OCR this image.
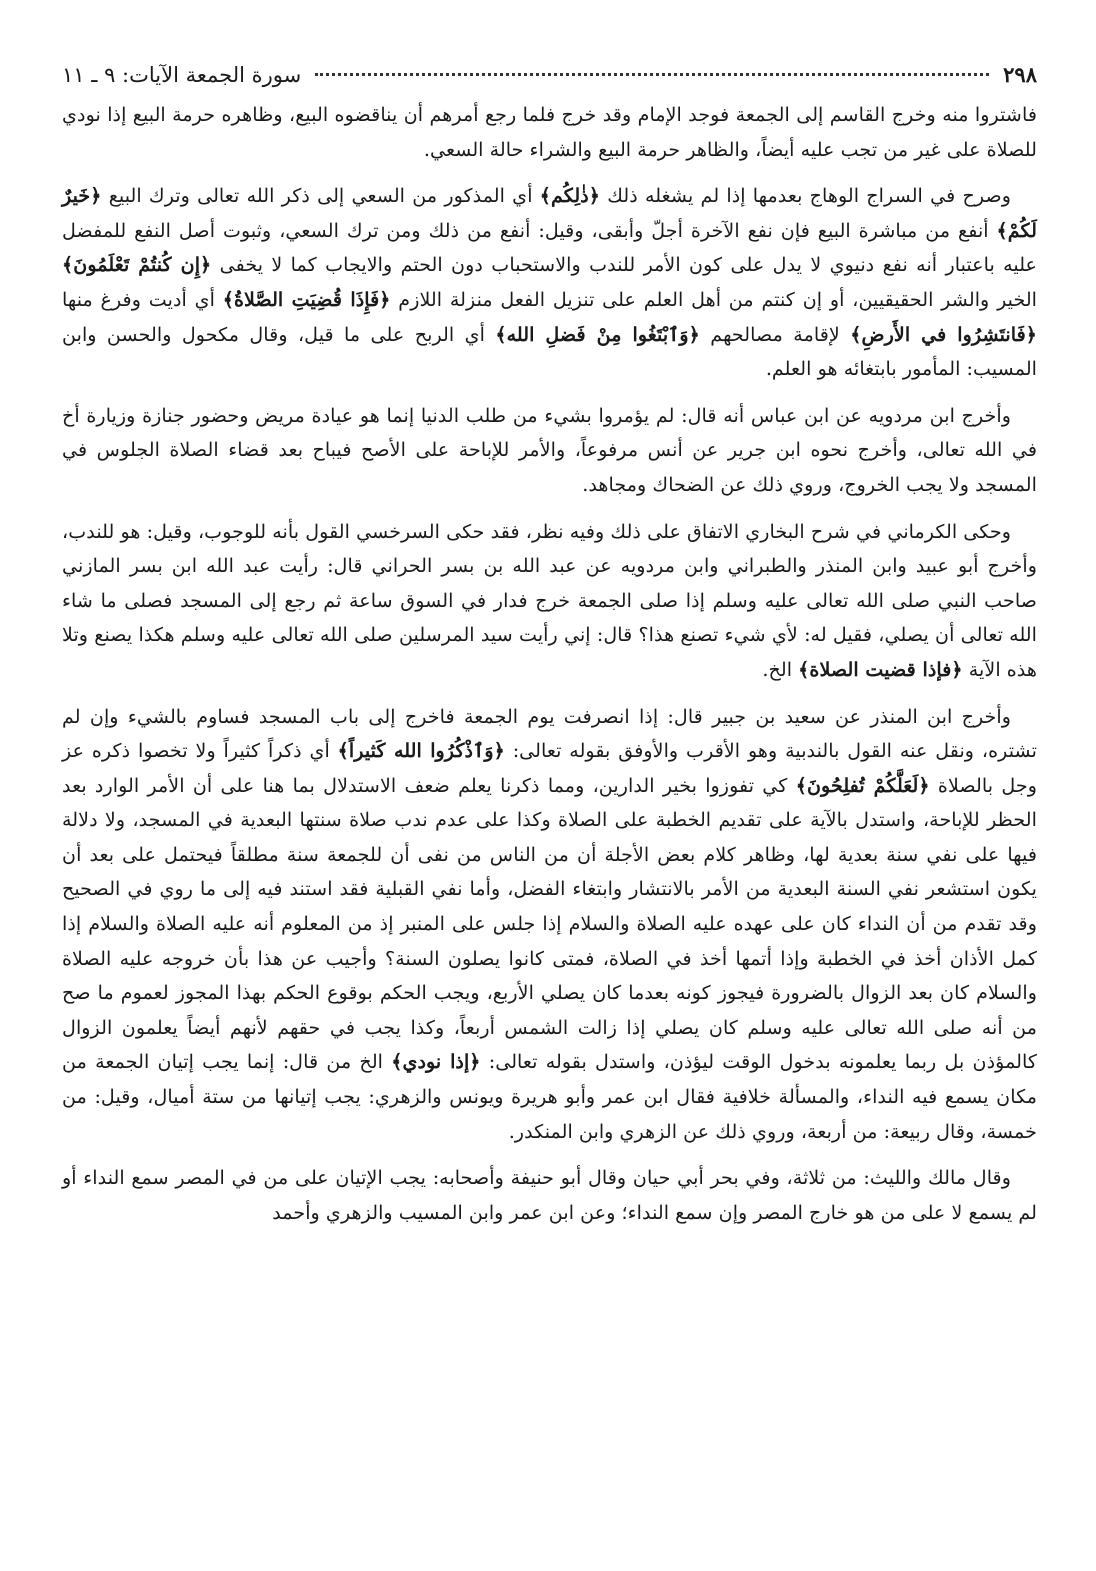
٢٩٨
سورة الجمعة الآيات: ٩ ـ ١١

فاشتروا منه وخرج القاسم إلى الجمعة فوجد الإمام وقد خرج فلما رجع أمرهم أن يناقضوه البيع، وظاهره حرمة البيع إذا نودي للصلاة على غير من تجب عليه أيضاً، والظاهر حرمة البيع والشراء حالة السعي.

وصرح في السراج الوهاج بعدمها إذا لم يشغله ذلك ﴿ذٰلِكُم﴾ أي المذكور من السعي إلى ذكر الله تعالى وترك البيع ﴿خَيرٌ لَكُمْ﴾ أنفع من مباشرة البيع فإن نفع الآخرة أجلّ وأبقى، وقيل: أنفع من ذلك ومن ترك السعي، وثبوت أصل النفع للمفضل عليه باعتبار أنه نفع دنيوي لا يدل على كون الأمر للندب والاستحباب دون الحتم والايجاب كما لا يخفى ﴿إِن كُنتُمْ تَعْلَمُونَ﴾ الخير والشر الحقيقيين، أو إن كنتم من أهل العلم على تنزيل الفعل منزلة اللازم ﴿فَإِذَا قُضِيَتِ الصَّلاةُ﴾ أي أديت وفرغ منها ﴿فَانتَشِرُوا في الأَرضِ﴾ لإقامة مصالحهم ﴿وَٱبْتَغُوا مِنْ فَضلِ الله﴾ أي الربح على ما قيل، وقال مكحول والحسن وابن المسيب: المأمور بابتغائه هو العلم.

وأخرج ابن مردويه عن ابن عباس أنه قال: لم يؤمروا بشيء من طلب الدنيا إنما هو عيادة مريض وحضور جنازة وزيارة أخ في الله تعالى، وأخرج نحوه ابن جرير عن أنس مرفوعاً، والأمر للإباحة على الأصح فيباح بعد قضاء الصلاة الجلوس في المسجد ولا يجب الخروج، وروي ذلك عن الضحاك ومجاهد.

وحكى الكرماني في شرح البخاري الاتفاق على ذلك وفيه نظر، فقد حكى السرخسي القول بأنه للوجوب، وقيل: هو للندب، وأخرج أبو عبيد وابن المنذر والطبراني وابن مردويه عن عبد الله بن بسر الحراني قال: رأيت عبد الله ابن بسر المازني صاحب النبي صلى الله تعالى عليه وسلم إذا صلى الجمعة خرج فدار في السوق ساعة ثم رجع إلى المسجد فصلى ما شاء الله تعالى أن يصلي، فقيل له: لأي شيء تصنع هذا؟ قال: إني رأيت سيد المرسلين صلى الله تعالى عليه وسلم هكذا يصنع وتلا هذه الآية ﴿فإذا قضيت الصلاة﴾ الخ.

وأخرج ابن المنذر عن سعيد بن جبير قال: إذا انصرفت يوم الجمعة فاخرج إلى باب المسجد فساوم بالشيء وإن لم تشتره، ونقل عنه القول بالندبية وهو الأقرب والأوفق بقوله تعالى: ﴿وَٱذْكُرُوا الله كَثيراً﴾ أي ذكراً كثيراً ولا تخصوا ذكره عز وجل بالصلاة ﴿لَعَلَّكُمْ تُفلِحُونَ﴾ كي تفوزوا بخير الدارين، ومما ذكرنا يعلم ضعف الاستدلال بما هنا على أن الأمر الوارد بعد الحظر للإباحة، واستدل بالآية على تقديم الخطبة على الصلاة وكذا على عدم ندب صلاة سنتها البعدية في المسجد، ولا دلالة فيها على نفي سنة بعدية لها، وظاهر كلام بعض الأجلة أن من الناس من نفى أن للجمعة سنة مطلقاً فيحتمل على بعد أن يكون استشعر نفي السنة البعدية من الأمر بالانتشار وابتغاء الفضل، وأما نفي القبلية فقد استند فيه إلى ما روي في الصحيح وقد تقدم من أن النداء كان على عهده عليه الصلاة والسلام إذا جلس على المنبر إذ من المعلوم أنه عليه الصلاة والسلام إذا كمل الأذان أخذ في الخطبة وإذا أتمها أخذ في الصلاة، فمتى كانوا يصلون السنة؟ وأجيب عن هذا بأن خروجه عليه الصلاة والسلام كان بعد الزوال بالضرورة فيجوز كونه بعدما كان يصلي الأربع، ويجب الحكم بوقوع الحكم بهذا المجوز لعموم ما صح من أنه صلى الله تعالى عليه وسلم كان يصلي إذا زالت الشمس أربعاً، وكذا يجب في حقهم لأنهم أيضاً يعلمون الزوال كالمؤذن بل ربما يعلمونه بدخول الوقت ليؤذن، واستدل بقوله تعالى: ﴿إذا نودي﴾ الخ من قال: إنما يجب إتيان الجمعة من مكان يسمع فيه النداء، والمسألة خلافية فقال ابن عمر وأبو هريرة ويونس والزهري: يجب إتيانها من ستة أميال، وقيل: من خمسة، وقال ربيعة: من أربعة، وروي ذلك عن الزهري وابن المنكدر.

وقال مالك والليث: من ثلاثة، وفي بحر أبي حيان وقال أبو حنيفة وأصحابه: يجب الإتيان على من في المصر سمع النداء أو لم يسمع لا على من هو خارج المصر وإن سمع النداء؛ وعن ابن عمر وابن المسيب والزهري وأحمد
